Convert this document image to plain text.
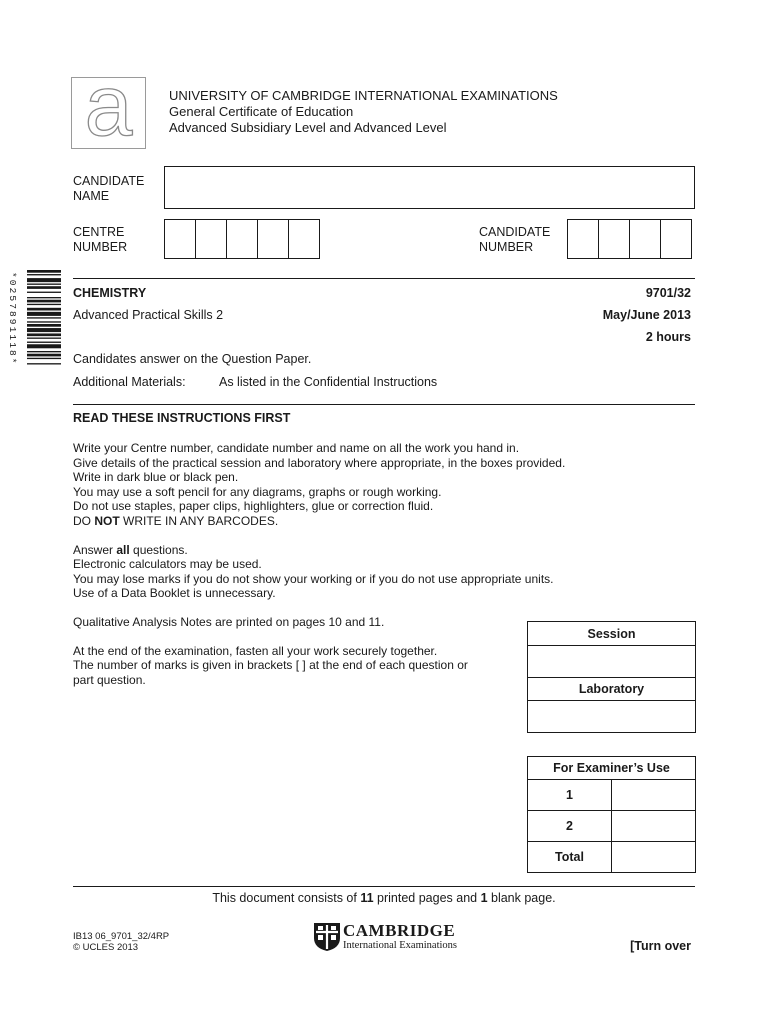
a	UNIVERSITY OF CAMBRIDGE INTERNATIONAL EXAMINATIONS
General Certificate of Education
Advanced Subsidiary Level and Advanced Level
CANDIDATE
NAME
CENTRE
NUMBER
CANDIDATE
NUMBER
*0257891118*	CHEMISTRY	9701/32
Advanced Practical Skills 2	May/June 2013
2 hours
Candidates answer on the Question Paper.
Additional Materials:	As listed in the Confidential Instructions
READ THESE INSTRUCTIONS FIRST

Write your Centre number, candidate number and name on all the work you hand in.

Give details of the practical session and laboratory where appropriate, in the boxes provided.

Write in dark blue or black pen.

You may use a soft pencil for any diagrams, graphs or rough working.

Do not use staples, paper clips, highlighters, glue or correction fluid.

DO NOT WRITE IN ANY BARCODES.

Answer all questions.

Electronic calculators may be used.

You may lose marks if you do not show your working or if you do not use appropriate units.

Use of a Data Booklet is unnecessary.

Qualitative Analysis Notes are printed on pages 10 and 11.

At the end of the examination, fasten all your work securely together.

The number of marks is given in brackets [ ] at the end of each question or

part question.

Session

Laboratory

For Examiner’s Use	
1	
2	
Total	
This document consists of 11 printed pages and 1 blank page.
IB13 06_9701_32/4RP
© UCLES 2013
CAMBRIDGE
International Examinations	[Turn over
